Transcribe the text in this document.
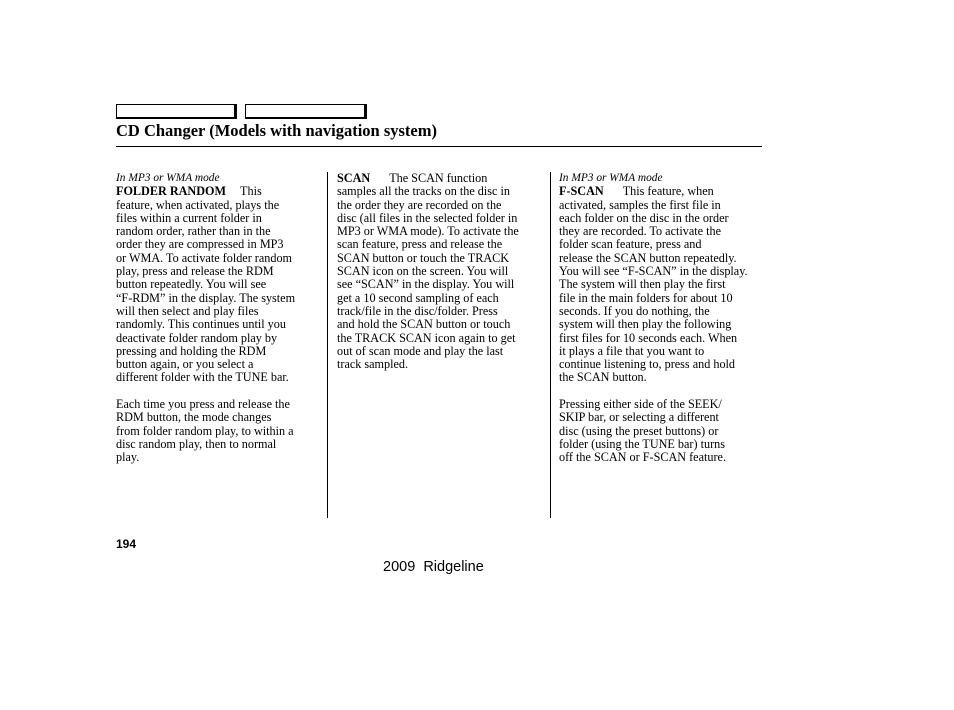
CD Changer (Models with navigation system)
In MP3 or WMA mode
FOLDER RANDOM This
feature, when activated, plays the
files within a current folder in
random order, rather than in the
order they are compressed in MP3
or WMA. To activate folder random
play, press and release the RDM
button repeatedly. You will see
“F-RDM” in the display. The system
will then select and play files
randomly. This continues until you
deactivate folder random play by
pressing and holding the RDM
button again, or you select a
different folder with the TUNE bar.
Each time you press and release the
RDM button, the mode changes
from folder random play, to within a
disc random play, then to normal
play.
SCAN The SCAN function
samples all the tracks on the disc in
the order they are recorded on the
disc (all files in the selected folder in
MP3 or WMA mode). To activate the
scan feature, press and release the
SCAN button or touch the TRACK
SCAN icon on the screen. You will
see “SCAN” in the display. You will
get a 10 second sampling of each
track/file in the disc/folder. Press
and hold the SCAN button or touch
the TRACK SCAN icon again to get
out of scan mode and play the last
track sampled.
In MP3 or WMA mode
F-SCAN This feature, when
activated, samples the first file in
each folder on the disc in the order
they are recorded. To activate the
folder scan feature, press and
release the SCAN button repeatedly.
You will see “F-SCAN” in the display.
The system will then play the first
file in the main folders for about 10
seconds. If you do nothing, the
system will then play the following
first files for 10 seconds each. When
it plays a file that you want to
continue listening to, press and hold
the SCAN button.
Pressing either side of the SEEK/
SKIP bar, or selecting a different
disc (using the preset buttons) or
folder (using the TUNE bar) turns
off the SCAN or F-SCAN feature.
194
2009  Ridgeline
